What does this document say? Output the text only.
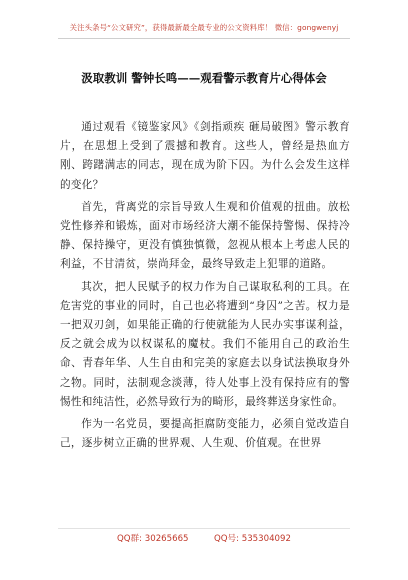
关注头条号“公文研究”，获得最新最全最专业的公文资料库！ 微信：gongwenyj
汲取教训 警钟长鸣——观看警示教育片心得体会

通过观看《镜鉴家风》《剑指顽疾 砸局破图》警示教育片，在思想上受到了震撼和教育。这些人，曾经是热血方刚、跨躇满志的同志，现在成为阶下囚。为什么会发生这样的变化？

首先，背离党的宗旨导致人生观和价值观的扭曲。放松党性修养和锻炼，面对市场经济大潮不能保持警惕、保持冷静、保持操守，更没有慎独慎微，忽视从根本上考虑人民的利益，不甘清贫，崇尚拜金，最终导致走上犯罪的道路。

其次，把人民赋予的权力作为自己谋取私利的工具。在危害党的事业的同时，自己也必将遭到“身囚”之苦。权力是一把双刃剑，如果能正确的行使就能为人民办实事谋利益，反之就会成为以权谋私的魔杖。我们不能用自己的政治生命、青春年华、人生自由和完美的家庭去以身试法换取身外之物。同时，法制观念淡薄，待人处事上没有保持应有的警惕性和纯洁性，必然导致行为的畸形，最终葬送身家性命。

作为一名党员，要提高拒腐防变能力，必须自觉改造自己，逐步树立正确的世界观、人生观、价值观。在世界

QQ群: 30265665	QQ号: 535304092
